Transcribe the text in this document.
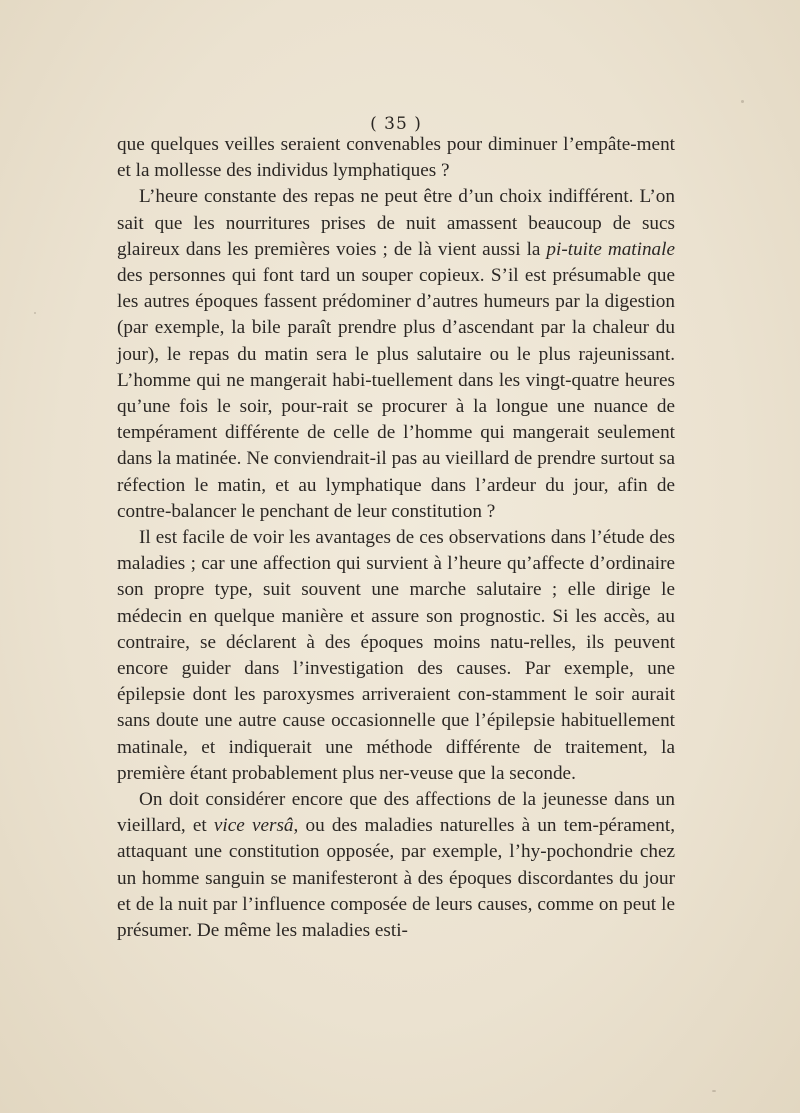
( 35 )

que quelques veilles seraient convenables pour diminuer l’empâte-ment et la mollesse des individus lymphatiques ?

L’heure constante des repas ne peut être d’un choix indifférent. L’on sait que les nourritures prises de nuit amassent beaucoup de sucs glaireux dans les premières voies ; de là vient aussi la pi-tuite matinale des personnes qui font tard un souper copieux. S’il est présumable que les autres époques fassent prédominer d’autres humeurs par la digestion (par exemple, la bile paraît prendre plus d’ascendant par la chaleur du jour), le repas du matin sera le plus salutaire ou le plus rajeunissant. L’homme qui ne mangerait habi-tuellement dans les vingt-quatre heures qu’une fois le soir, pour-rait se procurer à la longue une nuance de tempérament différente de celle de l’homme qui mangerait seulement dans la matinée. Ne conviendrait-il pas au vieillard de prendre surtout sa réfection le matin, et au lymphatique dans l’ardeur du jour, afin de contre-balancer le penchant de leur constitution ?

Il est facile de voir les avantages de ces observations dans l’étude des maladies ; car une affection qui survient à l’heure qu’affecte d’ordinaire son propre type, suit souvent une marche salutaire ; elle dirige le médecin en quelque manière et assure son prognostic. Si les accès, au contraire, se déclarent à des époques moins natu-relles, ils peuvent encore guider dans l’investigation des causes. Par exemple, une épilepsie dont les paroxysmes arriveraient con-stamment le soir aurait sans doute une autre cause occasionnelle que l’épilepsie habituellement matinale, et indiquerait une méthode différente de traitement, la première étant probablement plus ner-veuse que la seconde.

On doit considérer encore que des affections de la jeunesse dans un vieillard, et vice versâ, ou des maladies naturelles à un tem-pérament, attaquant une constitution opposée, par exemple, l’hy-pochondrie chez un homme sanguin se manifesteront à des époques discordantes du jour et de la nuit par l’influence composée de leurs causes, comme on peut le présumer. De même les maladies esti-
